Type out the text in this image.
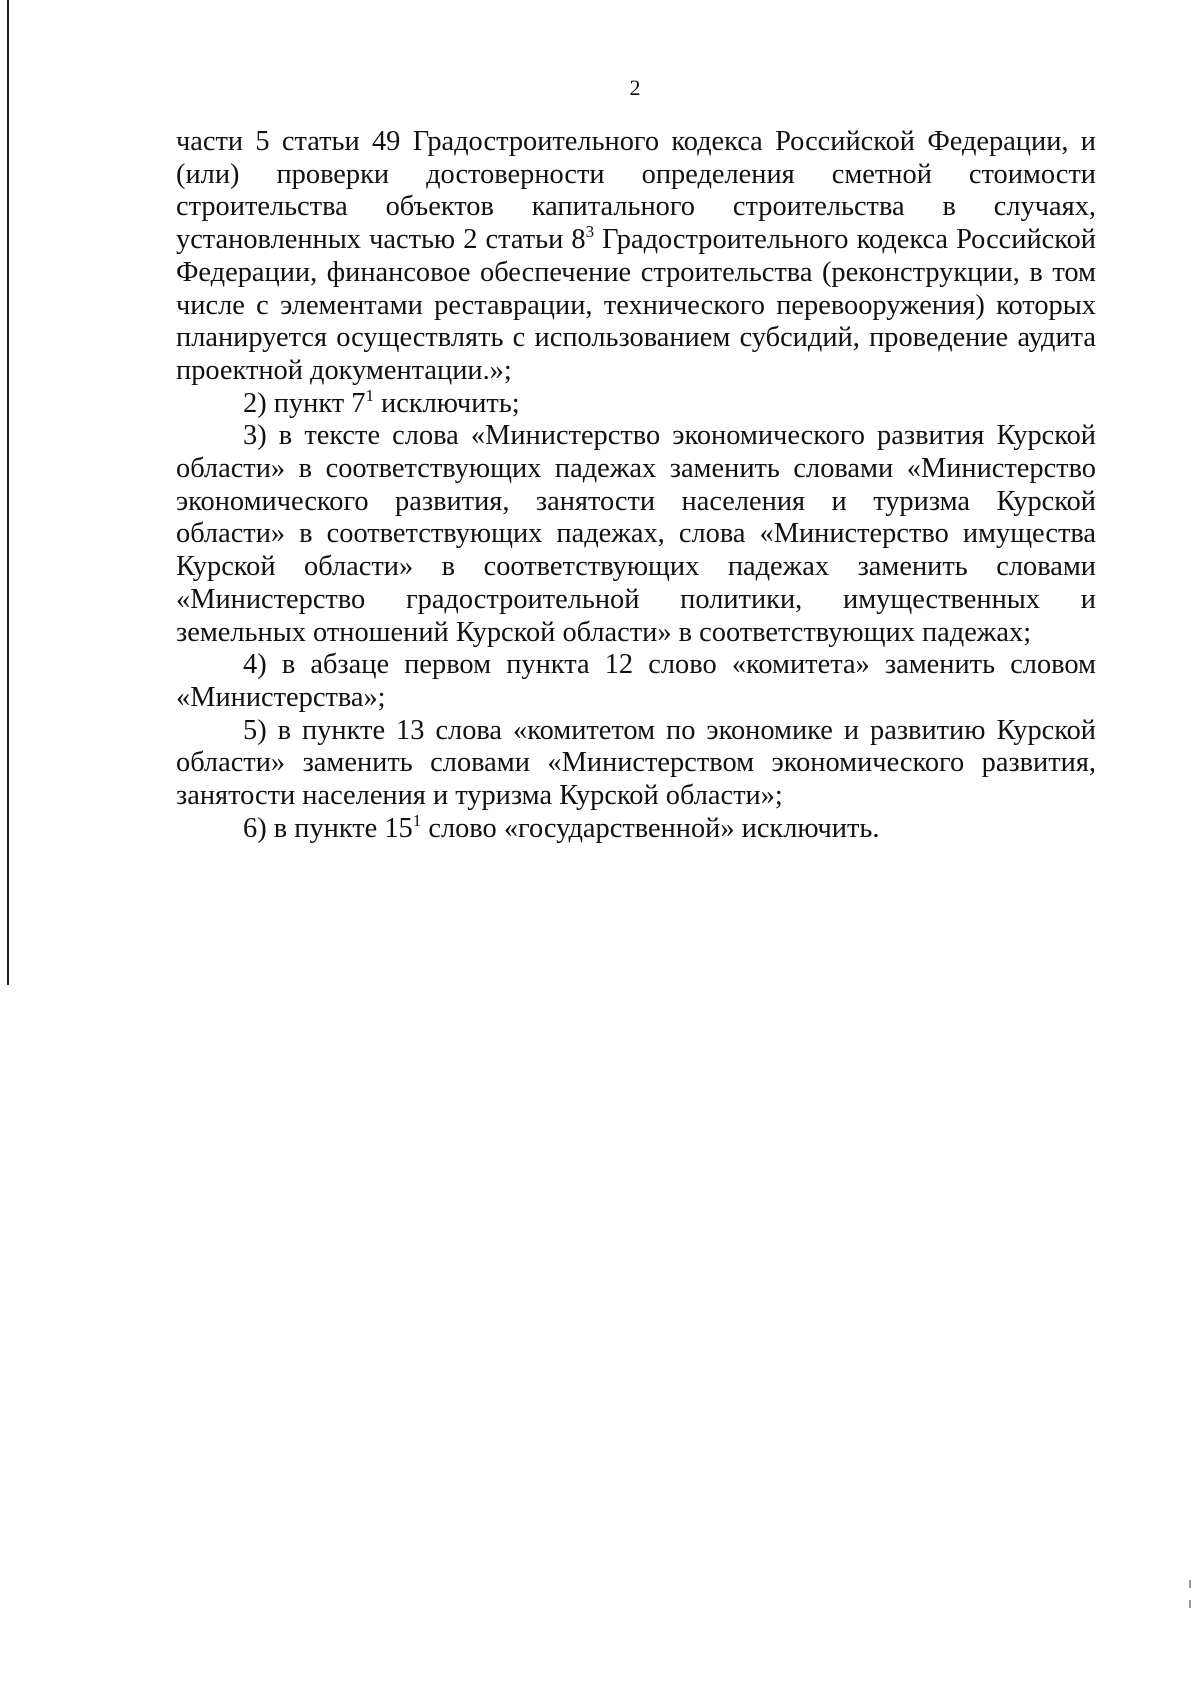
2
части 5 статьи 49 Градостроительного кодекса Российской Федерации, и
(или) проверки достоверности определения сметной стоимости
строительства объектов капитального строительства в случаях,
установленных частью 2 статьи $8^3$ Градостроительного кодекса Российской
Федерации, финансовое обеспечение строительства (реконструкции, в том
числе с элементами реставрации, технического перевооружения) которых
планируется осуществлять с использованием субсидий, проведение аудита
проектной документации.»;
2) пункт $7^1$ исключить;
3) в тексте слова «Министерство экономического развития Курской
области» в соответствующих падежах заменить словами «Министерство
экономического развития, занятости населения и туризма Курской
области» в соответствующих падежах, слова «Министерство имущества
Курской области» в соответствующих падежах заменить словами
«Министерство градостроительной политики, имущественных и
земельных отношений Курской области» в соответствующих падежах;
4) в абзаце первом пункта 12 слово «комитета» заменить словом
«Министерства»;
5) в пункте 13 слова «комитетом по экономике и развитию Курской
области» заменить словами «Министерством экономического развития,
занятости населения и туризма Курской области»;
6) в пункте $15^1$ слово «государственной» исключить.
